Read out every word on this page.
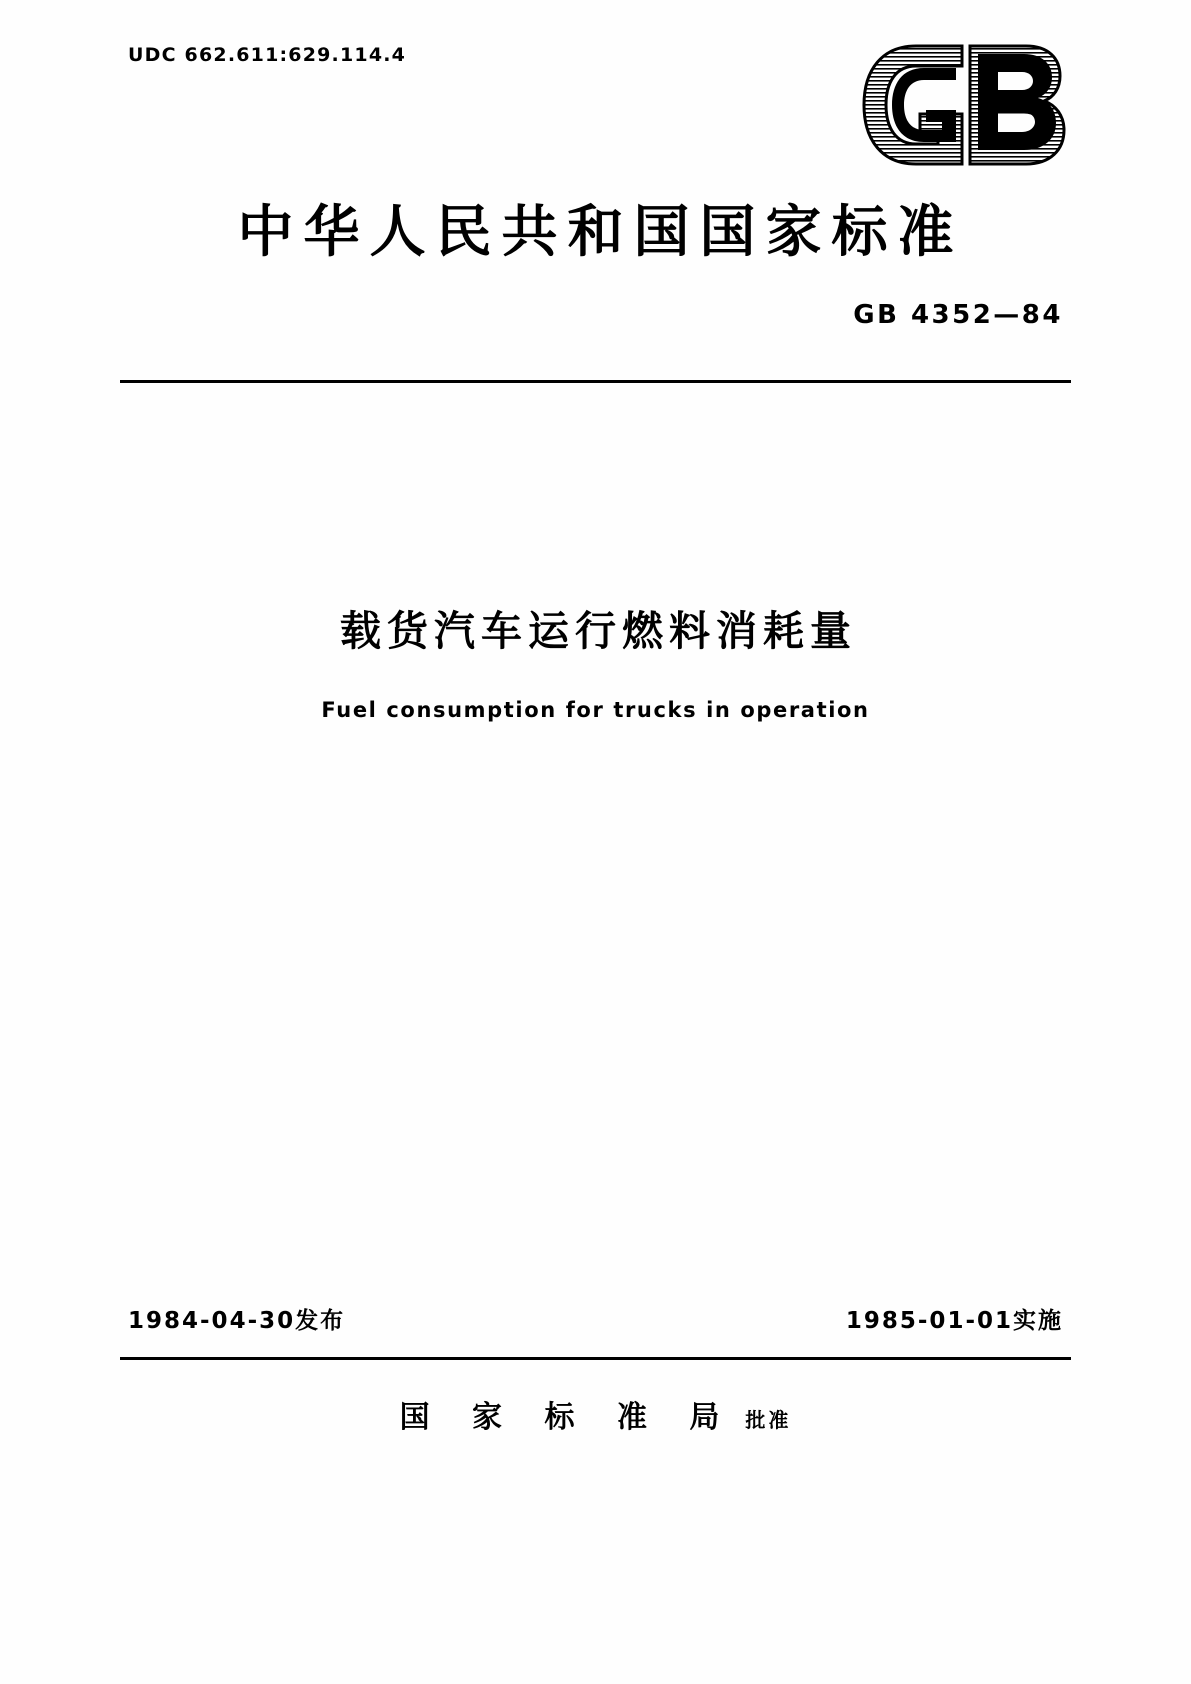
UDC 662.611:629.114.4
中华人民共和国国家标准
GB 4352—84
载货汽车运行燃料消耗量
Fuel consumption for trucks in operation
1984-04-30发布	1985-01-01实施
国 家 标 准 局 批准
